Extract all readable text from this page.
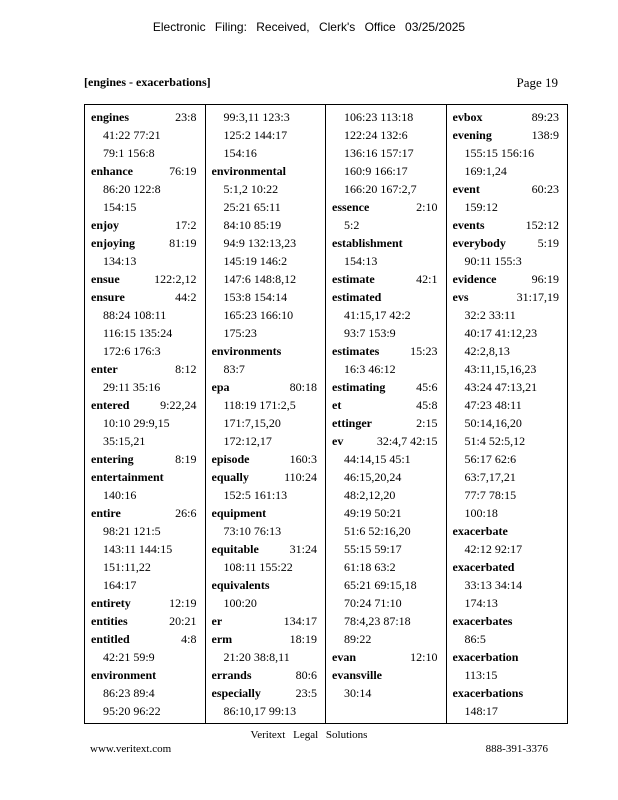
Electronic Filing: Received, Clerk's Office 03/25/2025
[engines - exacerbations]	Page 19
engines	23:8
41:22 77:21
79:1 156:8
enhance	76:19
86:20 122:8
154:15
enjoy	17:2
enjoying	81:19
134:13
ensue	122:2,12
ensure	44:2
88:24 108:11
116:15 135:24
172:6 176:3
enter	8:12
29:11 35:16
entered	9:22,24
10:10 29:9,15
35:15,21
entering	8:19
entertainment
140:16
entire	26:6
98:21 121:5
143:11 144:15
151:11,22
164:17
entirety	12:19
entities	20:21
entitled	4:8
42:21 59:9
environment
86:23 89:4
95:20 96:22
99:3,11 123:3
125:2 144:17
154:16
environmental
5:1,2 10:22
25:21 65:11
84:10 85:19
94:9 132:13,23
145:19 146:2
147:6 148:8,12
153:8 154:14
165:23 166:10
175:23
environments
83:7
epa	80:18
118:19 171:2,5
171:7,15,20
172:12,17
episode	160:3
equally	110:24
152:5 161:13
equipment
73:10 76:13
equitable	31:24
108:11 155:22
equivalents
100:20
er	134:17
erm	18:19
21:20 38:8,11
errands	80:6
especially	23:5
86:10,17 99:13
106:23 113:18
122:24 132:6
136:16 157:17
160:9 166:17
166:20 167:2,7
essence	2:10
5:2
establishment
154:13
estimate	42:1
estimated
41:15,17 42:2
93:7 153:9
estimates	15:23
16:3 46:12
estimating	45:6
et	45:8
ettinger	2:15
ev	32:4,7 42:15
44:14,15 45:1
46:15,20,24
48:2,12,20
49:19 50:21
51:6 52:16,20
55:15 59:17
61:18 63:2
65:21 69:15,18
70:24 71:10
78:4,23 87:18
89:22
evan	12:10
evansville
30:14
evbox	89:23
evening	138:9
155:15 156:16
169:1,24
event	60:23
159:12
events	152:12
everybody	5:19
90:11 155:3
evidence	96:19
evs	31:17,19
32:2 33:11
40:17 41:12,23
42:2,8,13
43:11,15,16,23
43:24 47:13,21
47:23 48:11
50:14,16,20
51:4 52:5,12
56:17 62:6
63:7,17,21
77:7 78:15
100:18
exacerbate
42:12 92:17
exacerbated
33:13 34:14
174:13
exacerbates
86:5
exacerbation
113:15
exacerbations
148:17
Veritext Legal Solutions
www.veritext.com	888-391-3376
